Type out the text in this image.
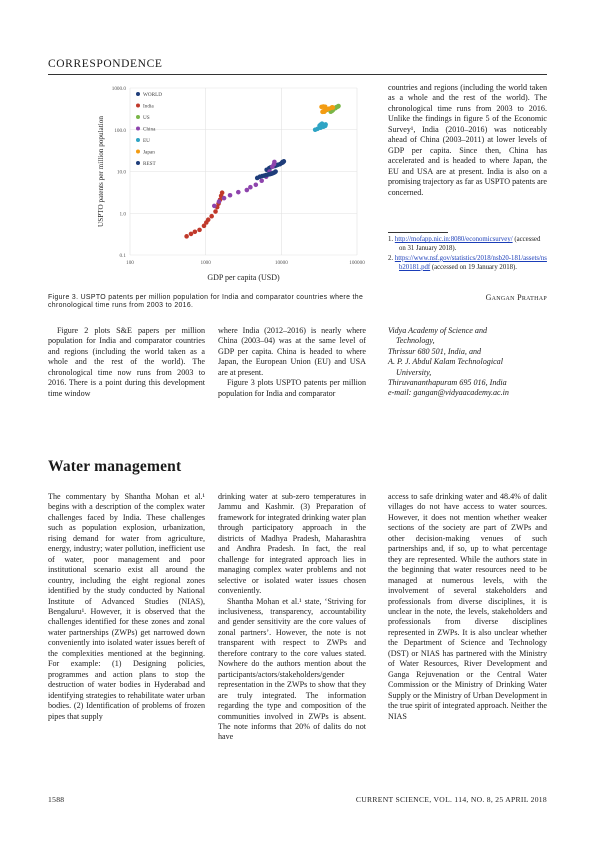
CORRESPONDENCE
0.1
1.0
10.0
100.0
1000.0
100	1000	10000	100000
GDP per capita (USD)
USPTO patents per million population
WORLD
India
US
China
EU
Japan
REST
Figure 3. USPTO patents per million population for India and comparator countries where the chronological time runs from 2003 to 2016.

countries and regions (including the world taken as a whole and the rest of the world). The chronological time runs from 2003 to 2016. Unlike the findings in figure 5 of the Economic Survey¹, India (2010–2016) was noticeably ahead of China (2003–2011) at lower levels of GDP per capita. Since then, China has accelerated and is headed to where Japan, the EU and USA are at present. India is also on a promising trajectory as far as USPTO patents are concerned.

1. http://mofapp.nic.in:8080/economicsurvey/ (accessed on 31 January 2018).
2. https://www.nsf.gov/statistics/2018/nsb20-181/assets/nsb20181.pdf (accessed on 19 January 2018).
Gangan Prathap

Figure 2 plots S&E papers per million population for India and comparator countries and regions (including the world taken as a whole and the rest of the world). The chronological time now runs from 2003 to 2016. There is a point during this development time window

where India (2012–2016) is nearly where China (2003–04) was at the same level of GDP per capita. China is headed to where Japan, the European Union (EU) and USA are at present.

Figure 3 plots USPTO patents per million population for India and comparator

Vidya Academy of Science and
Technology,
Thrissur 680 501, India, and
A. P. J. Abdul Kalam Technological
University,
Thiruvananthapuram 695 016, India
e-mail: gangan@vidyaacademy.ac.in
Water management

The commentary by Shantha Mohan et al.¹ begins with a description of the complex water challenges faced by India. These challenges such as population explosion, urbanization, rising demand for water from agriculture, energy, industry; water pollution, inefficient use of water, poor management and poor institutional scenario exist all around the country, including the eight regional zones identified by the study conducted by National Institute of Advanced Studies (NIAS), Bengaluru¹. However, it is observed that the challenges identified for these zones and zonal water partnerships (ZWPs) get narrowed down conveniently into isolated water issues bereft of the complexities mentioned at the beginning. For example: (1) Designing policies, programmes and action plans to stop the destruction of water bodies in Hyderabad and identifying strategies to rehabilitate water urban bodies. (2) Identification of problems of frozen pipes that supply

drinking water at sub-zero temperatures in Jammu and Kashmir. (3) Preparation of framework for integrated drinking water plan through participatory approach in the districts of Madhya Pradesh, Maharashtra and Andhra Pradesh. In fact, the real challenge for integrated approach lies in managing complex water problems and not selective or isolated water issues chosen conveniently.

Shantha Mohan et al.¹ state, ‘Striving for inclusiveness, transparency, accountability and gender sensitivity are the core values of zonal partners’. However, the note is not transparent with respect to ZWPs and therefore contrary to the core values stated. Nowhere do the authors mention about the participants/actors/stakeholders/gender representation in the ZWPs to show that they are truly integrated. The information regarding the type and composition of the communities involved in ZWPs is absent. The note informs that 20% of dalits do not have

access to safe drinking water and 48.4% of dalit villages do not have access to water sources. However, it does not mention whether weaker sections of the society are part of ZWPs and other decision-making venues of such partnerships and, if so, up to what percentage they are represented. While the authors state in the beginning that water resources need to be managed at numerous levels, with the involvement of several stakeholders and professionals from diverse disciplines, it is unclear in the note, the levels, stakeholders and professionals from diverse disciplines represented in ZWPs. It is also unclear whether the Department of Science and Technology (DST) or NIAS has partnered with the Ministry of Water Resources, River Development and Ganga Rejuvenation or the Central Water Commission or the Ministry of Drinking Water Supply or the Ministry of Urban Development in the true spirit of integrated approach. Neither the NIAS

1588	CURRENT SCIENCE, VOL. 114, NO. 8, 25 APRIL 2018
